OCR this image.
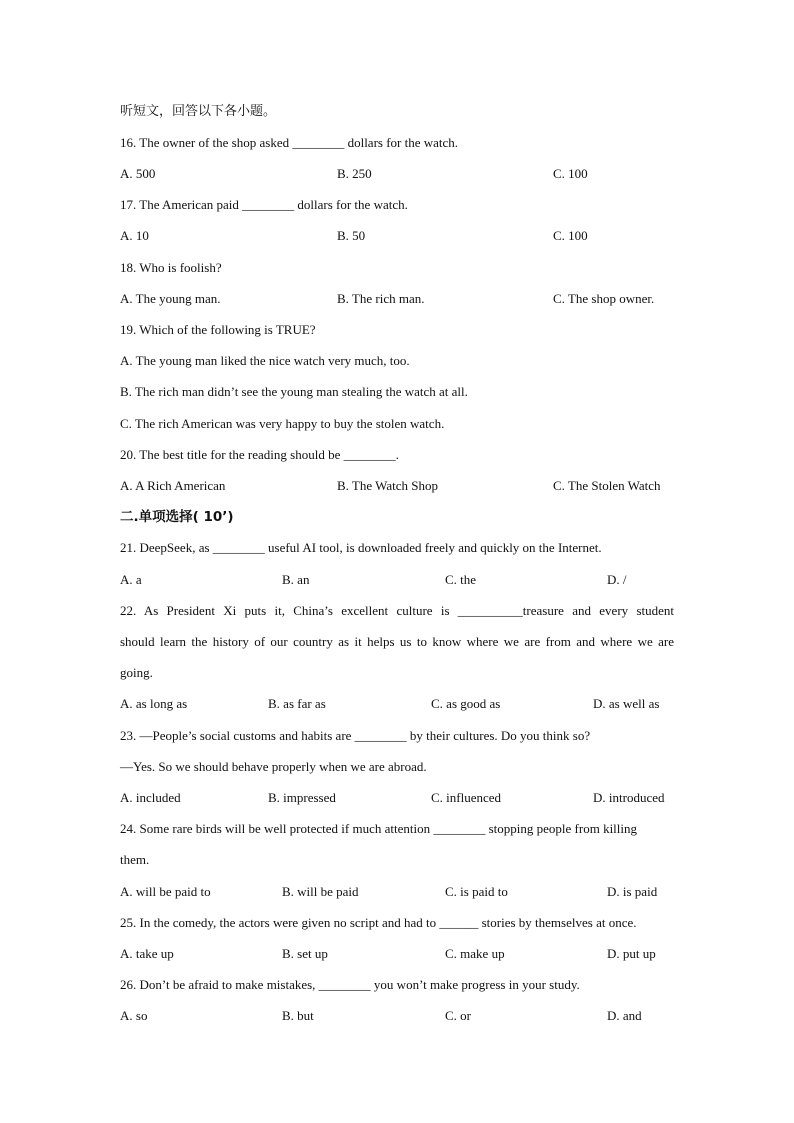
听短文，回答以下各小题。
16. The owner of the shop asked ________ dollars for the watch.
A. 500	B. 250	C. 100
17. The American paid ________ dollars for the watch.
A. 10	B. 50	C. 100
18. Who is foolish?
A. The young man.	B. The rich man.	C. The shop owner.
19. Which of the following is TRUE?
A. The young man liked the nice watch very much, too.
B. The rich man didn’t see the young man stealing the watch at all.
C. The rich American was very happy to buy the stolen watch.
20. The best title for the reading should be ________.
A. A Rich American	B. The Watch Shop	C. The Stolen Watch
二.单项选择( 10’)
21. DeepSeek, as ________ useful AI tool, is downloaded freely and quickly on the Internet.
A. a	B. an	C. the	D. /
22. As President Xi puts it, China’s excellent culture is __________treasure and every student
should learn the history of our country as it helps us to know where we are from and where we are
going.
A. as long as	B. as far as	C. as good as	D. as well as
23. —People’s social customs and habits are ________ by their cultures. Do you think so?
—Yes. So we should behave properly when we are abroad.
A. included	B. impressed	C. influenced	D. introduced
24. Some rare birds will be well protected if much attention ________ stopping people from killing
them.
A. will be paid to	B. will be paid	C. is paid to	D. is paid
25. In the comedy, the actors were given no script and had to ______ stories by themselves at once.
A. take up	B. set up	C. make up	D. put up
26. Don’t be afraid to make mistakes, ________ you won’t make progress in your study.
A. so	B. but	C. or	D. and
